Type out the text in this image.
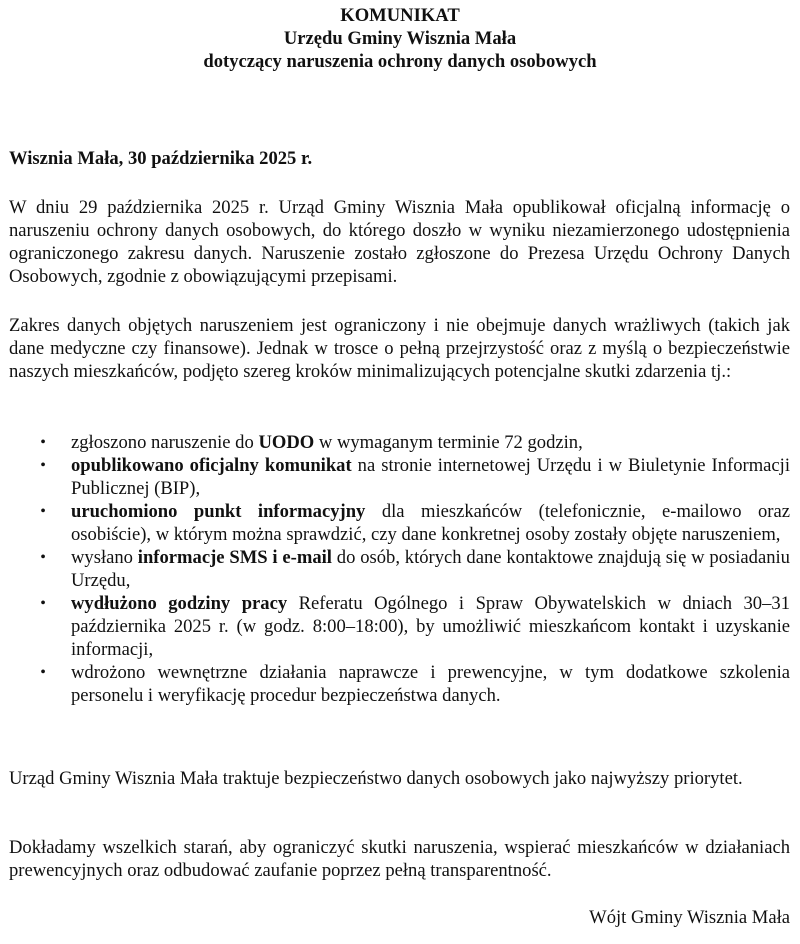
KOMUNIKAT
Urzędu Gminy Wisznia Mała
dotyczący naruszenia ochrony danych osobowych
Wisznia Mała, 30 października 2025 r.

W dniu 29 października 2025 r. Urząd Gminy Wisznia Mała opublikował oficjalną informację o naruszeniu ochrony danych osobowych, do którego doszło w wyniku niezamierzonego udostępnienia ograniczonego zakresu danych. Naruszenie zostało zgłoszone do Prezesa Urzędu Ochrony Danych Osobowych, zgodnie z obowiązującymi przepisami.

Zakres danych objętych naruszeniem jest ograniczony i nie obejmuje danych wrażliwych (takich jak dane medyczne czy finansowe). Jednak w trosce o pełną przejrzystość oraz z myślą o bezpieczeństwie naszych mieszkańców, podjęto szereg kroków minimalizujących potencjalne skutki zdarzenia tj.:

• zgłoszono naruszenie do UODO w wymaganym terminie 72 godzin,
• opublikowano oficjalny komunikat na stronie internetowej Urzędu i w Biuletynie Informacji Publicznej (BIP),
• uruchomiono punkt informacyjny dla mieszkańców (telefonicznie, e-mailowo oraz osobiście), w którym można sprawdzić, czy dane konkretnej osoby zostały objęte naruszeniem,
• wysłano informacje SMS i e-mail do osób, których dane kontaktowe znajdują się w posiadaniu Urzędu,
• wydłużono godziny pracy Referatu Ogólnego i Spraw Obywatelskich w dniach 30–31 października 2025 r. (w godz. 8:00–18:00), by umożliwić mieszkańcom kontakt i uzyskanie informacji,
• wdrożono wewnętrzne działania naprawcze i prewencyjne, w tym dodatkowe szkolenia personelu i weryfikację procedur bezpieczeństwa danych.

Urząd Gminy Wisznia Mała traktuje bezpieczeństwo danych osobowych jako najwyższy priorytet.

Dokładamy wszelkich starań, aby ograniczyć skutki naruszenia, wspierać mieszkańców w działaniach prewencyjnych oraz odbudować zaufanie poprzez pełną transparentność.

Wójt Gminy Wisznia Mała
